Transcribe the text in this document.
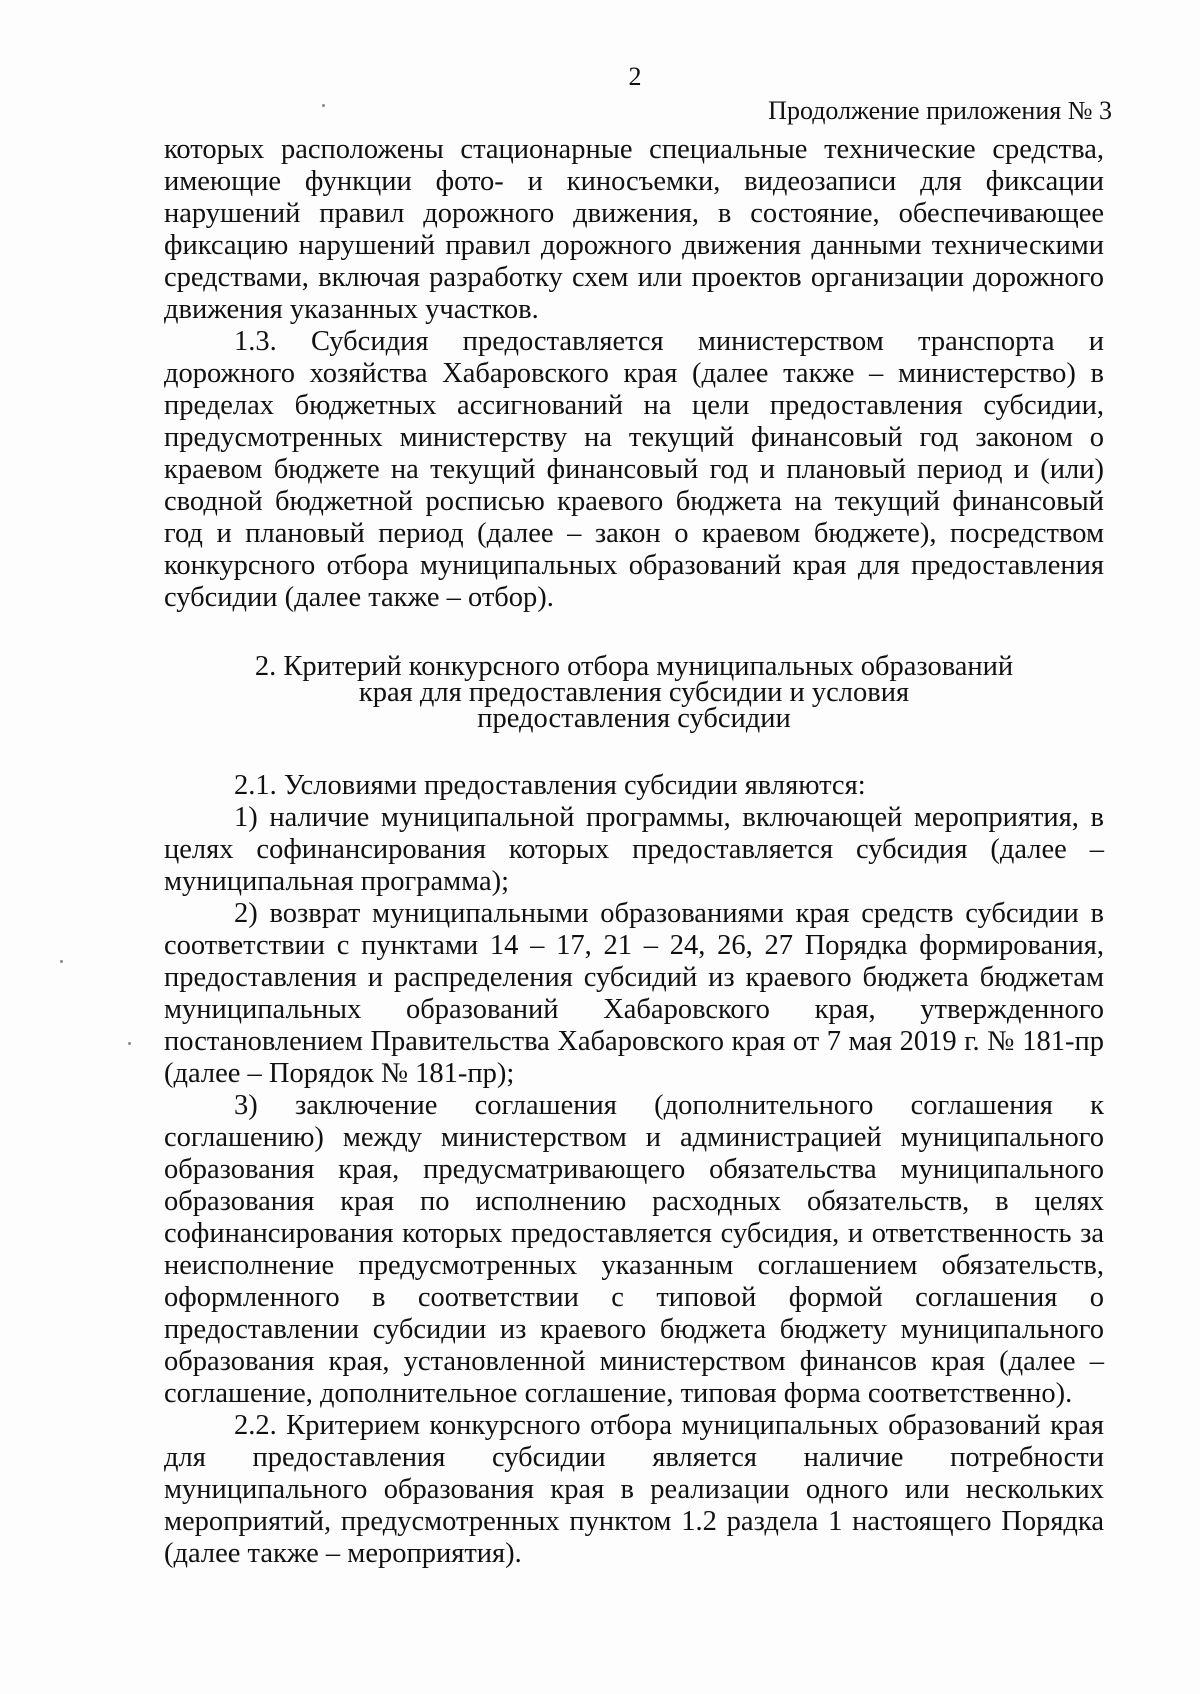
2
Продолжение приложения № 3

которых расположены стационарные специальные технические средства, имеющие функции фото- и киносъемки, видеозаписи для фиксации нарушений правил дорожного движения, в состояние, обеспечивающее фиксацию нарушений правил дорожного движения данными техническими средствами, включая разработку схем или проектов организации дорожного движения указанных участков.

1.3. Субсидия предоставляется министерством транспорта и дорожного хозяйства Хабаровского края (далее также – министерство) в пределах бюджетных ассигнований на цели предоставления субсидии, предусмотренных министерству на текущий финансовый год законом о краевом бюджете на текущий финансовый год и плановый период и (или) сводной бюджетной росписью краевого бюджета на текущий финансовый год и плановый период (далее – закон о краевом бюджете), посредством конкурсного отбора муниципальных образований края для предоставления субсидии (далее также – отбор).

2. Критерий конкурсного отбора муниципальных образований
края для предоставления субсидии и условия
предоставления субсидии

2.1. Условиями предоставления субсидии являются:

1) наличие муниципальной программы, включающей мероприятия, в целях софинансирования которых предоставляется субсидия (далее – муниципальная программа);

2) возврат муниципальными образованиями края средств субсидии в соответствии с пунктами 14 – 17, 21 – 24, 26, 27 Порядка формирования, предоставления и распределения субсидий из краевого бюджета бюджетам муниципальных образований Хабаровского края, утвержденного постановлением Правительства Хабаровского края от 7 мая 2019 г. № 181-пр (далее – Порядок № 181-пр);

3) заключение соглашения (дополнительного соглашения к соглашению) между министерством и администрацией муниципального образования края, предусматривающего обязательства муниципального образования края по исполнению расходных обязательств, в целях софинансирования которых предоставляется субсидия, и ответственность за неисполнение предусмотренных указанным соглашением обязательств, оформленного в соответствии с типовой формой соглашения о предоставлении субсидии из краевого бюджета бюджету муниципального образования края, установленной министерством финансов края (далее – соглашение, дополнительное соглашение, типовая форма соответственно).

2.2. Критерием конкурсного отбора муниципальных образований края для предоставления субсидии является наличие потребности муниципального образования края в реализации одного или нескольких мероприятий, предусмотренных пунктом 1.2 раздела 1 настоящего Порядка (далее также – мероприятия).
